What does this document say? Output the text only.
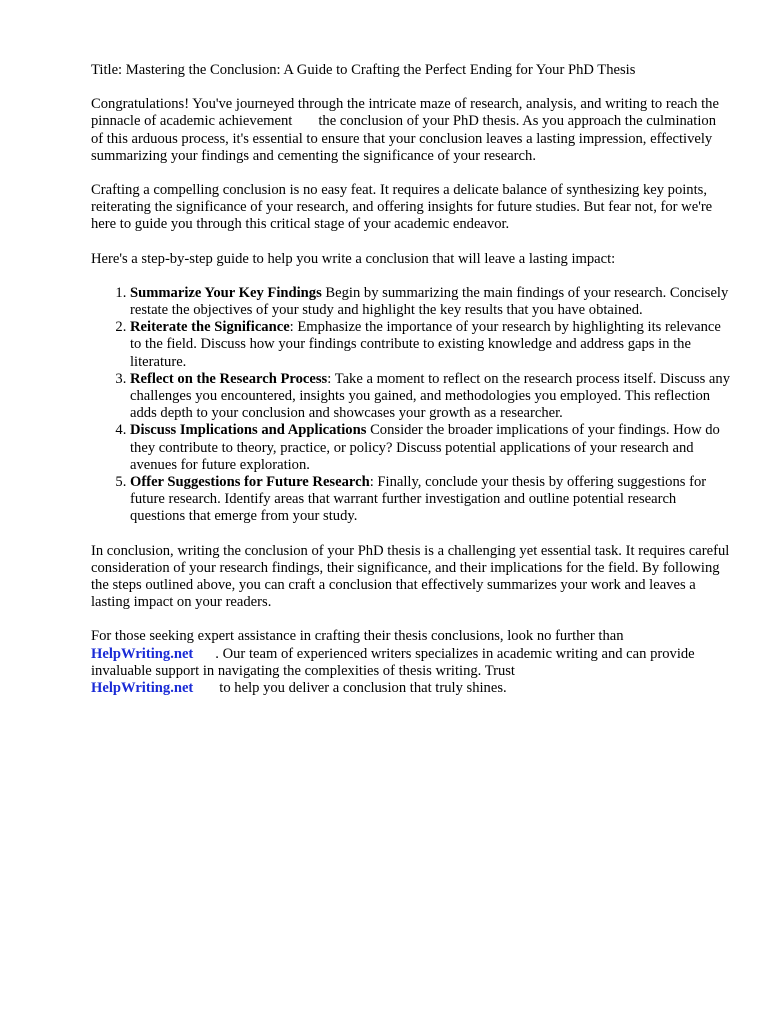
Title: Mastering the Conclusion: A Guide to Crafting the Perfect Ending for Your PhD Thesis

Congratulations! You've journeyed through the intricate maze of research, analysis, and writing to reach the pinnacle of academic achievement the conclusion of your PhD thesis. As you approach the culmination of this arduous process, it's essential to ensure that your conclusion leaves a lasting impression, effectively summarizing your findings and cementing the significance of your research.

Crafting a compelling conclusion is no easy feat. It requires a delicate balance of synthesizing key points, reiterating the significance of your research, and offering insights for future studies. But fear not, for we're here to guide you through this critical stage of your academic endeavor.

Here's a step-by-step guide to help you write a conclusion that will leave a lasting impact:

1. Summarize Your Key Findings Begin by summarizing the main findings of your research. Concisely restate the objectives of your study and highlight the key results that you have obtained.
2. Reiterate the Significance: Emphasize the importance of your research by highlighting its relevance to the field. Discuss how your findings contribute to existing knowledge and address gaps in the literature.
3. Reflect on the Research Process: Take a moment to reflect on the research process itself. Discuss any challenges you encountered, insights you gained, and methodologies you employed. This reflection adds depth to your conclusion and showcases your growth as a researcher.
4. Discuss Implications and Applications Consider the broader implications of your findings. How do they contribute to theory, practice, or policy? Discuss potential applications of your research and avenues for future exploration.
5. Offer Suggestions for Future Research: Finally, conclude your thesis by offering suggestions for future research. Identify areas that warrant further investigation and outline potential research questions that emerge from your study.

In conclusion, writing the conclusion of your PhD thesis is a challenging yet essential task. It requires careful consideration of your research findings, their significance, and their implications for the field. By following the steps outlined above, you can craft a conclusion that effectively summarizes your work and leaves a lasting impact on your readers.

For those seeking expert assistance in crafting their thesis conclusions, look no further than
HelpWriting.net . Our team of experienced writers specializes in academic writing and can provide invaluable support in navigating the complexities of thesis writing. Trust
HelpWriting.net to help you deliver a conclusion that truly shines.
